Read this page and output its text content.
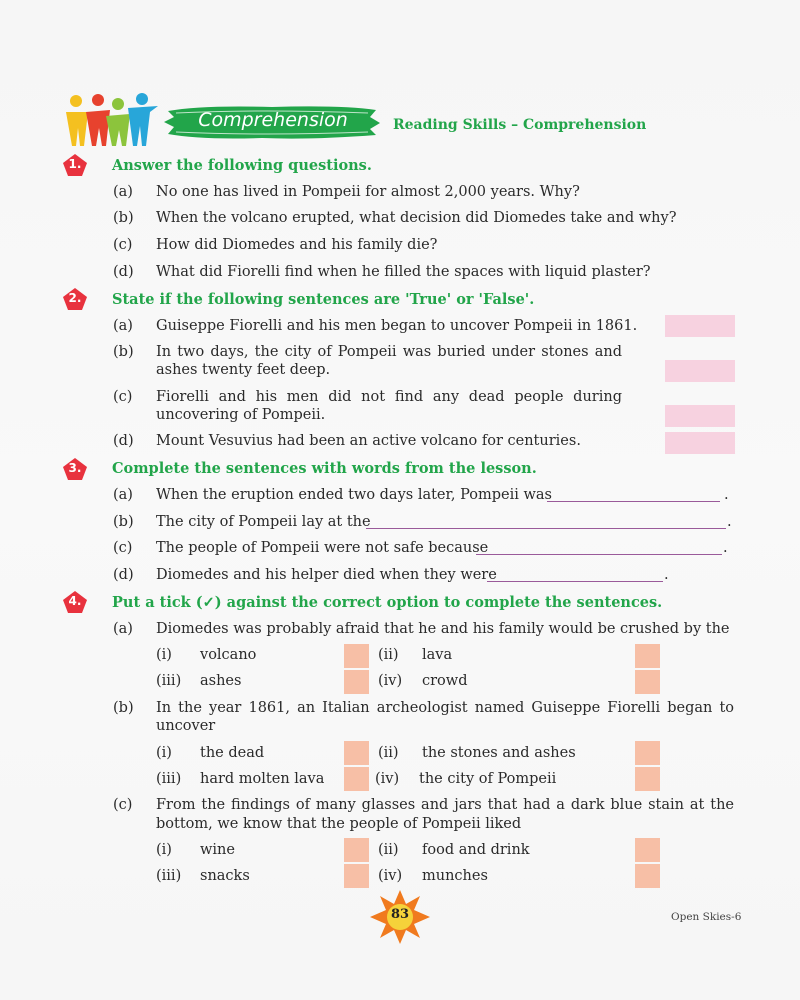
Comprehension	Reading Skills – Comprehension
1.	Answer the following questions.
(a) No one has lived in Pompeii for almost 2,000 years. Why?
(b) When the volcano erupted, what decision did Diomedes take and why?
(c) How did Diomedes and his family die?
(d) What did Fiorelli find when he filled the spaces with liquid plaster?
2.	State if the following sentences are 'True' or 'False'.
(a) Guiseppe Fiorelli and his men began to uncover Pompeii in 1861.
(b) In two days, the city of Pompeii was buried under stones and
ashes twenty feet deep.
(c) Fiorelli and his men did not find any dead people during
uncovering of Pompeii.
(d) Mount Vesuvius had been an active volcano for centuries.
3.	Complete the sentences with words from the lesson.
(a) When the eruption ended two days later, Pompeii was	.
(b) The city of Pompeii lay at the	.
(c) The people of Pompeii were not safe because	.
(d) Diomedes and his helper died when they were	.
4.	Put a tick (✓) against the correct option to complete the sentences.
(a) Diomedes was probably afraid that he and his family would be crushed by the
(i) volcano	(ii) lava
(iii) ashes	(iv) crowd
(b) In the year 1861, an Italian archeologist named Guiseppe Fiorelli began to
uncover
(i) the dead	(ii) the stones and ashes
(iii) hard molten lava	(iv) the city of Pompeii
(c) From the findings of many glasses and jars that had a dark blue stain at the
bottom, we know that the people of Pompeii liked
(i) wine	(ii) food and drink
(iii) snacks	(iv) munches
83	Open Skies-6
